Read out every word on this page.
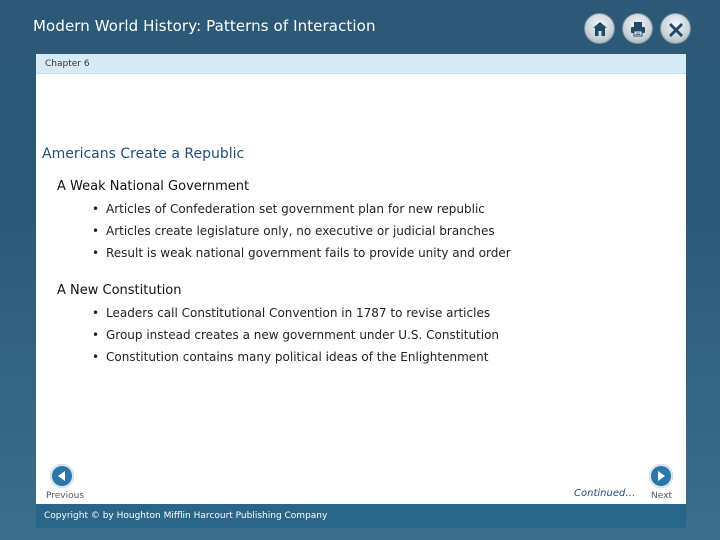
Modern World History: Patterns of Interaction
Chapter 6
Americans Create a Republic
A Weak National Government
• Articles of Confederation set government plan for new republic
• Articles create legislature only, no executive or judicial branches
• Result is weak national government fails to provide unity and order
A New Constitution
• Leaders call Constitutional Convention in 1787 to revise articles
• Group instead creates a new government under U.S. Constitution
• Constitution contains many political ideas of the Enlightenment
Previous	Continued… Next
Copyright © by Houghton Mifflin Harcourt Publishing Company
